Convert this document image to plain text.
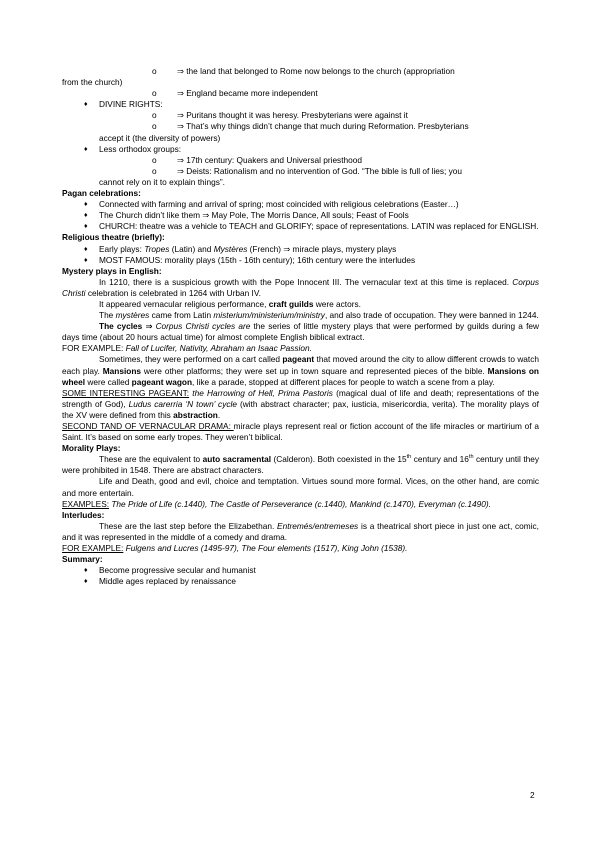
o ⇒ the land that belonged to Rome now belongs to the church (appropriation

from the church)

o ⇒ England became more independent

♦ DIVINE RIGHTS:

o ⇒ Puritans thought it was heresy. Presbyterians were against it

o ⇒ That’s why things didn’t change that much during Reformation. Presbyterians

accept it (the diversity of powers)

♦ Less orthodox groups:

o ⇒ 17th century: Quakers and Universal priesthood

o ⇒ Deists: Rationalism and no intervention of God. “The bible is full of lies; you

cannot rely on it to explain things”.

Pagan celebrations:

♦ Connected with farming and arrival of spring; most coincided with religious celebrations (Easter…)

♦ The Church didn’t like them ⇒ May Pole, The Morris Dance, All souls; Feast of Fools

♦ CHURCH: theatre was a vehicle to TEACH and GLORIFY; space of representations. LATIN was replaced for ENGLISH.

Religious theatre (briefly):

♦ Early plays: Tropes (Latin) and Mystères (French) ⇒ miracle plays, mystery plays

♦ MOST FAMOUS: morality plays (15th - 16th century); 16th century were the interludes

Mystery plays in English:

In 1210, there is a suspicious growth with the Pope Innocent III. The vernacular text at this time is replaced. Corpus Christi celebration is celebrated in 1264 with Urban IV.

It appeared vernacular religious performance, craft guilds were actors.

The mystères came from Latin misterium/ministerium/ministry, and also trade of occupation. They were banned in 1244.

The cycles ⇒ Corpus Christi cycles are the series of little mystery plays that were performed by guilds during a few days time (about 20 hours actual time) for almost complete English biblical extract.

FOR EXAMPLE: Fall of Lucifer, Nativity, Abraham an Isaac Passion.

Sometimes, they were performed on a cart called pageant that moved around the city to allow different crowds to watch each play. Mansions were other platforms; they were set up in town square and represented pieces of the bible. Mansions on wheel were called pageant wagon, like a parade, stopped at different places for people to watch a scene from a play.

SOME INTERESTING PAGEANT: the Harrowing of Hell, Prima Pastoris (magical dual of life and death; representations of the strength of God), Ludus carerria ‘N town’ cycle (with abstract character; pax, iusticia, misericordia, verita). The morality plays of the XV were defined from this abstraction.

SECOND TAND OF VERNACULAR DRAMA: miracle plays represent real or fiction account of the life miracles or martirium of a Saint. It’s based on some early tropes. They weren’t biblical.

Morality Plays:

These are the equivalent to auto sacramental (Calderon). Both coexisted in the 15th century and 16th century until they were prohibited in 1548. There are abstract characters.

Life and Death, good and evil, choice and temptation. Virtues sound more formal. Vices, on the other hand, are comic and more entertain.

EXAMPLES: The Pride of Life (c.1440), The Castle of Perseverance (c.1440), Mankind (c.1470), Everyman (c.1490).

Interludes:

These are the last step before the Elizabethan. Entremés/entremeses is a theatrical short piece in just one act, comic, and it was represented in the middle of a comedy and drama.

FOR EXAMPLE: Fulgens and Lucres (1495-97), The Four elements (1517), King John (1538).

Summary:

♦ Become progressive secular and humanist

♦ Middle ages replaced by renaissance

2
